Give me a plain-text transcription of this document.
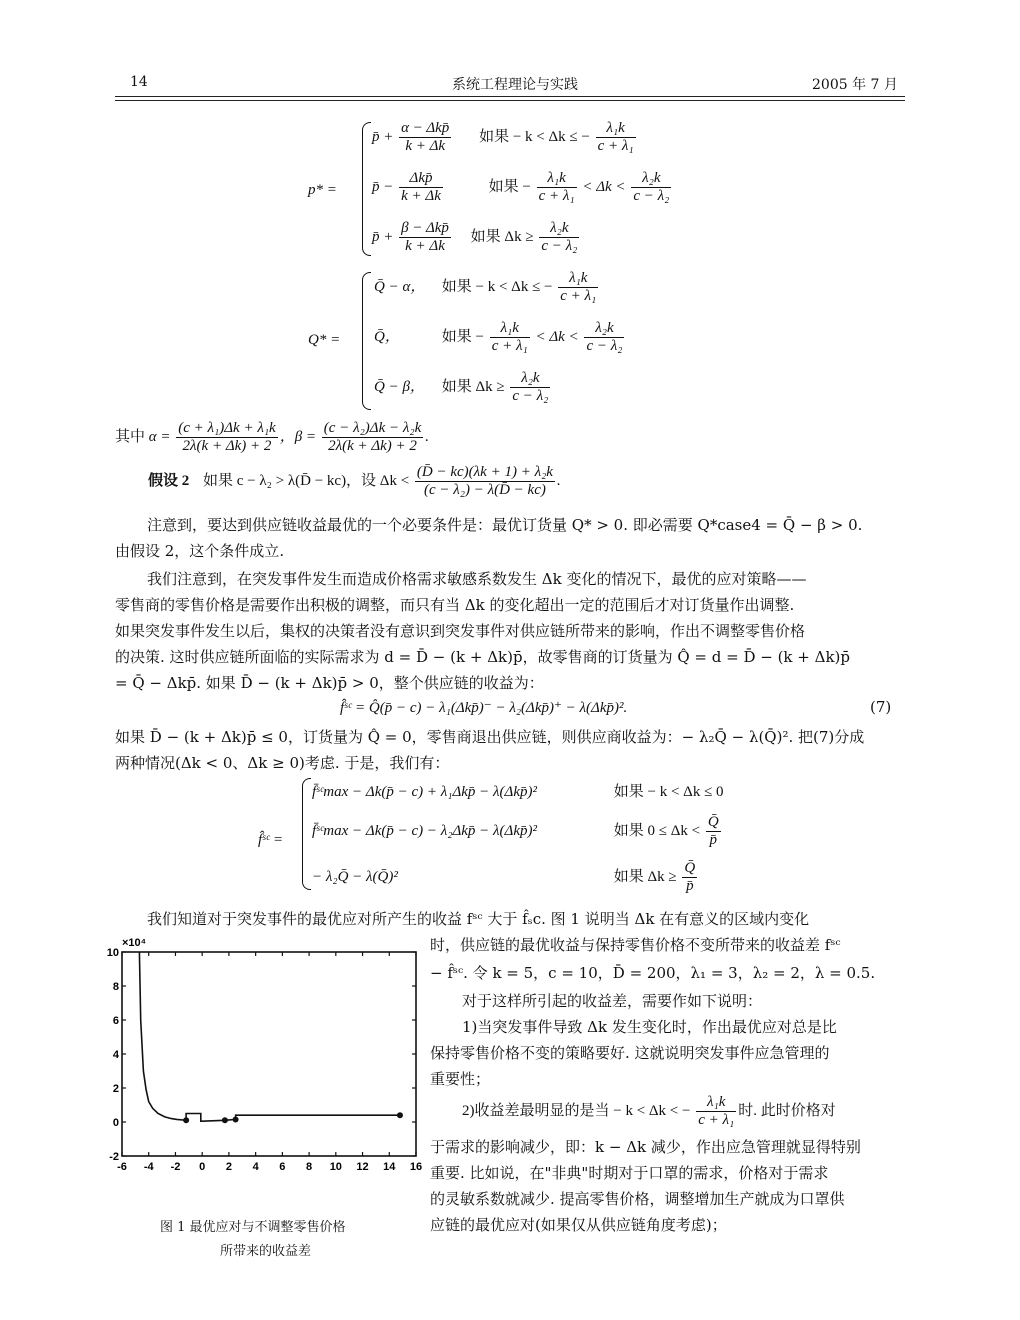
14	系统工程理论与实践	2005 年 7 月
p* =
p̄ + $\frac{\text{α − Δkp̄}}{k + \Delta k}$ 如果 − k < Δk ≤ − $\frac{\text{λ₁k}}{\text{c + λ₁}}$
p̄ − $\frac{\text{Δkp̄}}{k + \Delta k}$	如果 − $\frac{\text{λ₁k}}{\text{c + λ₁}} < \Delta k < \frac{\text{λ₂k}}{\text{c − λ₂}}$
p̄ + $\frac{\text{β − Δkp̄}}{k + \Delta k}$ 如果 $\Delta k \ge \frac{\text{λ₂k}}{\text{c − λ₂}}$
Q* =
Q̄ − α， 如果 − k < Δk ≤ − $\frac{\text{λ₁k}}{\text{c + λ₁}}$
Q̄，	如果 − $\frac{\text{λ₁k}}{\text{c + λ₁}} < \Delta k < \frac{\text{λ₂k}}{\text{c − λ₂}}$
Q̄ − β， 如果 $\Delta k \ge \frac{\text{λ₂k}}{\text{c − λ₂}}$
其中 $\alpha = \frac{\text{(c + λ₁)Δk + λ₁k}}{2\lambda(k + \Delta k) + 2}$ ，$\beta = \frac{\text{(c − λ₂)Δk − λ₂k}}{2\lambda(k + \Delta k) + 2}$ .
假设 2 如果 c − λ₂ > λ(D̄ − kc)，设 $\Delta k < \frac{\text{(D̄ − kc)(λk + 1) + λ₂k}}{\text{(c − λ₂) − λ(D̄ − kc)}}$ .
注意到，要达到供应链收益最优的一个必要条件是：最优订货量 Q* > 0. 即必需要 Q*case4 = Q̄ − β > 0.
由假设 2，这个条件成立.
我们注意到，在突发事件发生而造成价格需求敏感系数发生 Δk 变化的情况下，最优的应对策略——
零售商的零售价格是需要作出积极的调整，而只有当 Δk 的变化超出一定的范围后才对订货量作出调整.
如果突发事件发生以后，集权的决策者没有意识到突发事件对供应链所带来的影响，作出不调整零售价格
的决策. 这时供应链所面临的实际需求为 d = D̄ − (k + Δk)p̄，故零售商的订货量为 Q̂ = d = D̄ − (k + Δk)p̄
= Q̄ − Δkp̄. 如果 D̄ − (k + Δk)p̄ > 0，整个供应链的收益为：
f̂ˢᶜ = Q̂(p̄ − c) − λ₁(Δkp̄)⁻ − λ₂(Δkp̄)⁺ − λ(Δkp̄)².	(7)
如果 D̄ − (k + Δk)p̄ ≤ 0，订货量为 Q̂ = 0，零售商退出供应链，则供应商收益为：− λ₂Q̄ − λ(Q̄)². 把(7)分成
两种情况(Δk < 0、Δk ≥ 0)考虑. 于是，我们有：
f̂ˢᶜ =
f̄ˢᶜmax − Δk(p̄ − c) + λ₁Δkp̄ − λ(Δkp̄)²	如果 − k < Δk ≤ 0
f̄ˢᶜmax − Δk(p̄ − c) − λ₂Δkp̄ − λ(Δkp̄)²	如果 $0 \le \Delta k < \frac{Q̄}{p̄}$
− λ₂Q̄ − λ(Q̄)²	如果 $\Delta k \ge \frac{Q̄}{p̄}$
我们知道对于突发事件的最优应对所产生的收益 fˢᶜ 大于 f̂ₛc. 图 1 说明当 Δk 在有意义的区域内变化
时，供应链的最优收益与保持零售价格不变所带来的收益差 fˢᶜ
− f̂ˢᶜ. 令 k = 5，c = 10，D̄ = 200，λ₁ = 3，λ₂ = 2，λ = 0.5.
对于这样所引起的收益差，需要作如下说明：
1)当突发事件导致 Δk 发生变化时，作出最优应对总是比
保持零售价格不变的策略要好. 这就说明突发事件应急管理的
重要性；
2)收益差最明显的是当 − k < Δk < − $\frac{\text{λ₁k}}{\text{c + λ₁}}$ 时. 此时价格对
于需求的影响减少，即：k − Δk 减少，作出应急管理就显得特别
重要. 比如说，在"非典"时期对于口罩的需求，价格对于需求
的灵敏系数就减少. 提高零售价格，调整增加生产就成为口罩供
应链的最优应对(如果仅从供应链角度考虑)；
-6 -4 -2 0 2 4 6 8 10 12 14 16
-2
0
2
4
6
8
10
×10⁴
图 1 最优应对与不调整零售价格
所带来的收益差
